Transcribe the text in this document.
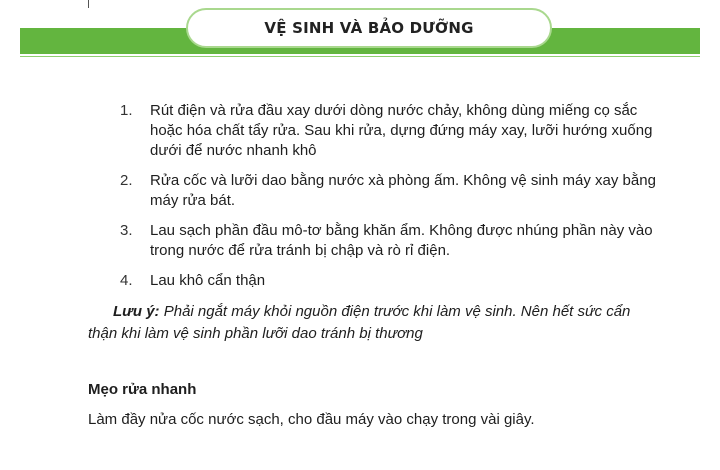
VỆ SINH VÀ BẢO DƯỠNG
1.	Rút điện và rửa đầu xay dưới dòng nước chảy, không dùng miếng cọ sắc hoặc hóa chất tẩy rửa. Sau khi rửa, dựng đứng máy xay, lưỡi hướng xuống dưới để nước nhanh khô
2.	Rửa cốc và lưỡi dao bằng nước xà phòng ấm. Không vệ sinh máy xay bằng máy rửa bát.
3.	Lau sạch phần đầu mô-tơ bằng khăn ẩm. Không được nhúng phần này vào trong nước để rửa tránh bị chập và rò rỉ điện.
4.	Lau khô cẩn thận

Lưu ý: Phải ngắt máy khỏi nguồn điện trước khi làm vệ sinh. Nên hết sức cẩn thận khi làm vệ sinh phần lưỡi dao tránh bị thương

Mẹo rửa nhanh
Làm đầy nửa cốc nước sạch, cho đầu máy vào chạy trong vài giây.
